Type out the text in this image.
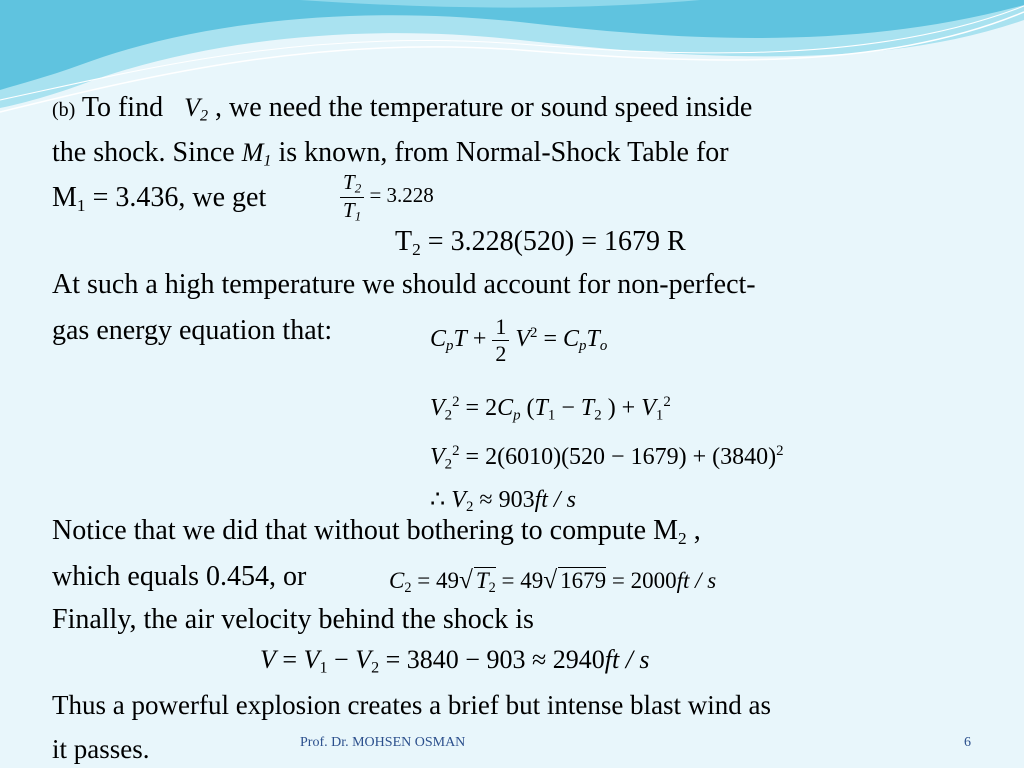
(b) To find $V_2$ , we need the temperature or sound speed inside
the shock. Since $M_1$ is known, from Normal-Shock Table for
$M_1 = 3.436$, we get	$\frac{T_2}{T_1} = 3.228$
$T_2 = 3.228(520) = 1679$ R
At such a high temperature we should account for non-perfect-
gas energy equation that:	$C_pT + \frac{1}{2} V^2 = C_pT_o$
$V_2^2 = 2C_p$ ($T_1 - T_2$ ) + $V_1^2$
$V_2^2 = 2(6010)(520 - 1679) + (3840)^2$
∴ $V_2 \approx 903ft / s$
Notice that we did that without bothering to compute $M_2$ ,
which equals 0.454, or	$C_2 = 49√$ $T_2 = 49√$ 1679 = 2000ft / s
Finally, the air velocity behind the shock is
$V = V_1 - V_2 = 3840 - 903 \approx 2940ft / s$
Thus a powerful explosion creates a brief but intense blast wind as
it passes.	Prof. Dr. MOHSEN OSMAN	6
